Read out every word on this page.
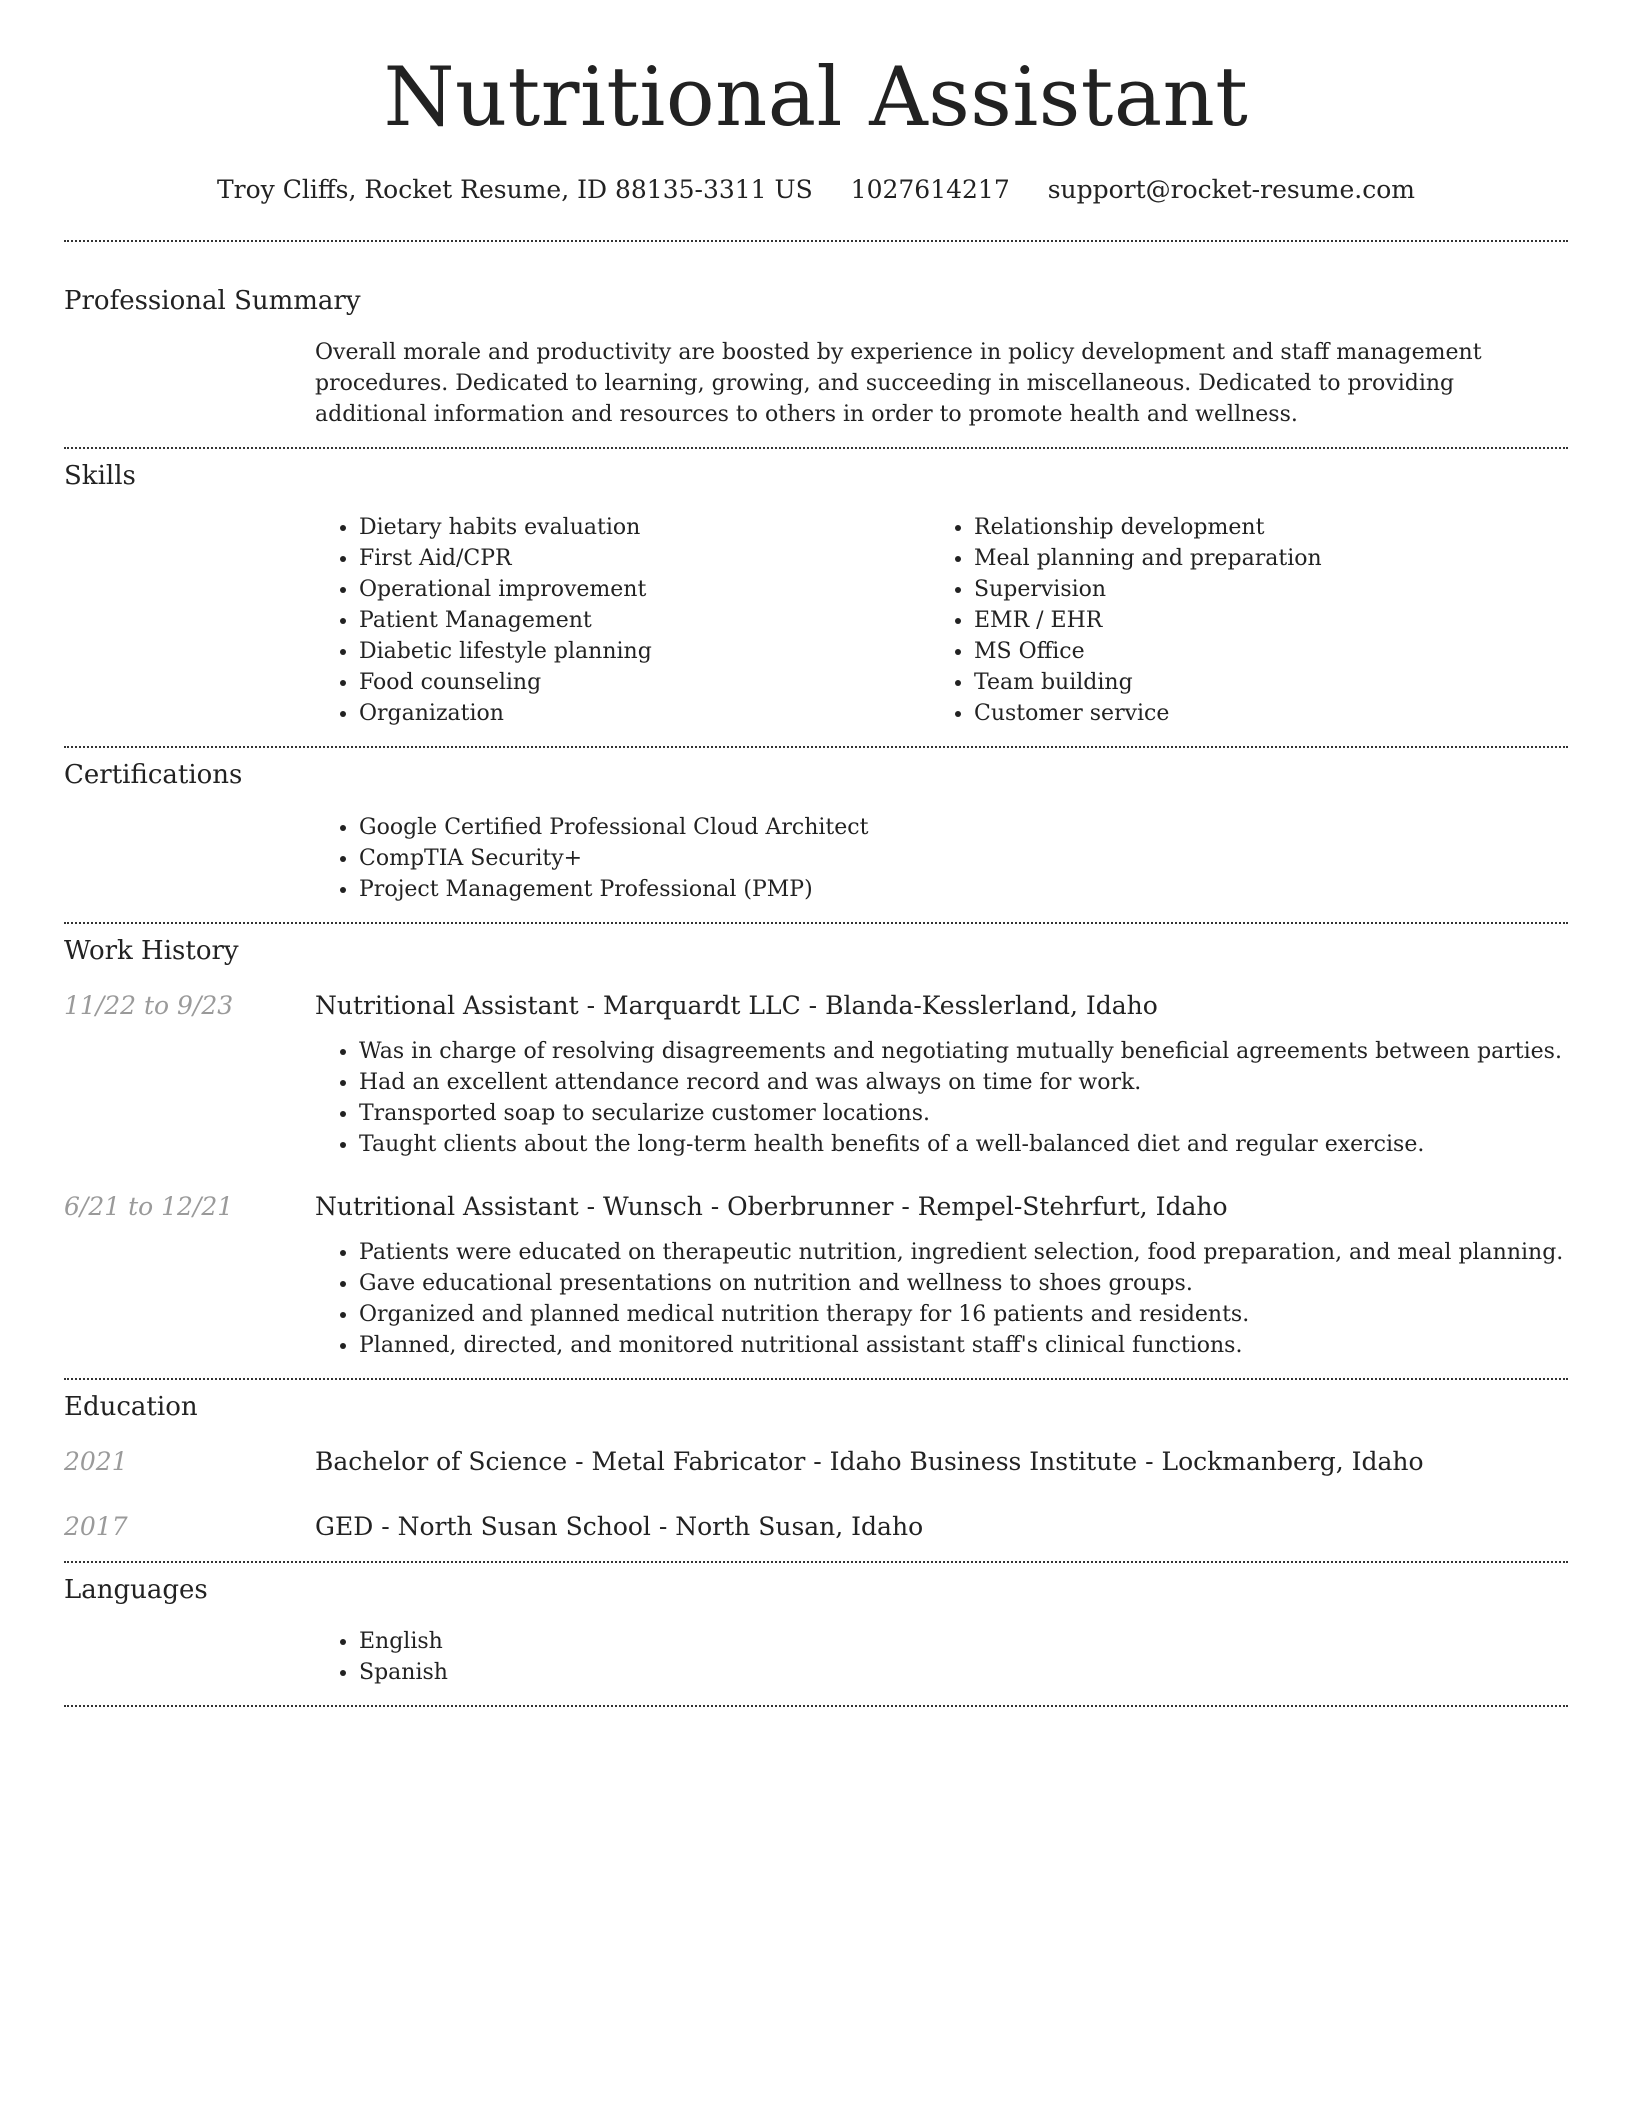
Nutritional Assistant
Troy Cliffs, Rocket Resume, ID 88135-3311 US 1027614217 support@rocket-resume.com
Professional Summary
Overall morale and productivity are boosted by experience in policy development and staff management procedures. Dedicated to learning, growing, and succeeding in miscellaneous. Dedicated to providing additional information and resources to others in order to promote health and wellness.
Skills
• Dietary habits evaluation
• First Aid/CPR
• Operational improvement
• Patient Management
• Diabetic lifestyle planning
• Food counseling
• Organization
• Relationship development
• Meal planning and preparation
• Supervision
• EMR / EHR
• MS Office
• Team building
• Customer service
Certifications
• Google Certified Professional Cloud Architect
• CompTIA Security+
• Project Management Professional (PMP)
Work History
11/22 to 9/23	Nutritional Assistant - Marquardt LLC - Blanda-Kesslerland, Idaho
• Was in charge of resolving disagreements and negotiating mutually beneficial agreements between parties.
• Had an excellent attendance record and was always on time for work.
• Transported soap to secularize customer locations.
• Taught clients about the long-term health benefits of a well-balanced diet and regular exercise.
6/21 to 12/21	Nutritional Assistant - Wunsch - Oberbrunner - Rempel-Stehrfurt, Idaho
• Patients were educated on therapeutic nutrition, ingredient selection, food preparation, and meal planning.
• Gave educational presentations on nutrition and wellness to shoes groups.
• Organized and planned medical nutrition therapy for 16 patients and residents.
• Planned, directed, and monitored nutritional assistant staff's clinical functions.
Education
2021	Bachelor of Science - Metal Fabricator - Idaho Business Institute - Lockmanberg, Idaho
2017	GED - North Susan School - North Susan, Idaho
Languages
• English
• Spanish
